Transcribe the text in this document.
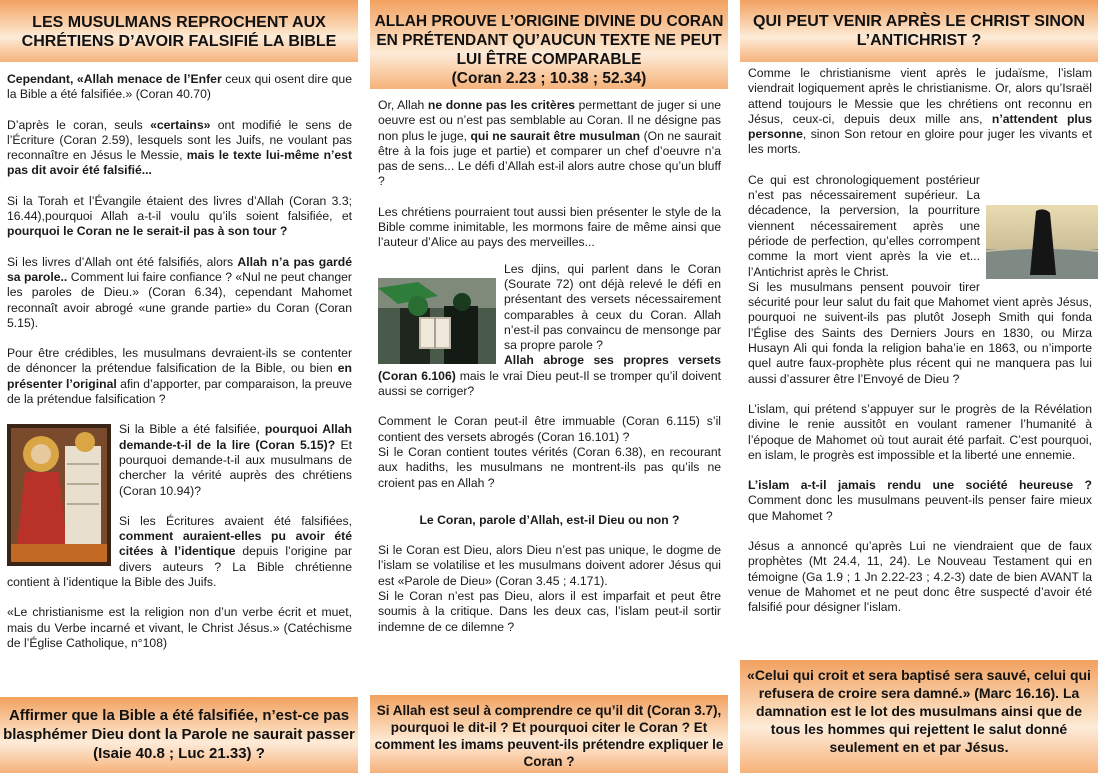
LES MUSULMANS REPROCHENT AUX CHRÉTIENS D’AVOIR FALSIFIÉ LA BIBLE

Cependant, «Allah menace de l’Enfer ceux qui osent dire que la Bible a été falsifiée.» (Coran 40.70)

D’après le coran, seuls «certains» ont modifié le sens de l’Écriture (Coran 2.59), lesquels sont les Juifs, ne voulant pas reconnaître en Jésus le Messie, mais le texte lui-même n’est pas dit avoir été falsifié...

Si la Torah et l’Évangile étaient des livres d’Allah (Coran 3.3; 16.44),pourquoi Allah a-t-il voulu qu’ils soient falsifiée, et pourquoi le Coran ne le serait-il pas à son tour ?

Si les livres d’Allah ont été falsifiés, alors Allah n’a pas gardé sa parole.. Comment lui faire confiance ? «Nul ne peut changer les paroles de Dieu.» (Coran 6.34), cependant Mahomet reconnaît avoir abrogé «une grande partie» du Coran (Coran 5.15).

Pour être crédibles, les musulmans devraient-ils se contenter de dénoncer la prétendue falsification de la Bible, ou bien en présenter l’original afin d’apporter, par comparaison, la preuve de la prétendue falsification ?

Si la Bible a été falsifiée, pourquoi Allah demande-t-il de la lire (Coran 5.15)? Et pourquoi demande-t-il aux musulmans de chercher la vérité auprès des chrétiens (Coran 10.94)?

Si les Écritures avaient été falsifiées, comment auraient-elles pu avoir été citées à l’identique depuis l’origine par divers auteurs ? La Bible chrétienne contient à l’identique la Bible des Juifs.

«Le christianisme est la religion non d’un verbe écrit et muet, mais du Verbe incarné et vivant, le Christ Jésus.» (Catéchisme de l’Église Catholique, n°108)

Affirmer que la Bible a été falsifiée, n’est-ce pas blasphémer Dieu dont la Parole ne saurait passer (Isaie 40.8 ; Luc 21.33) ?
ALLAH PROUVE L’ORIGINE DIVINE DU CORAN EN PRÉTENDANT QU’AUCUN TEXTE NE PEUT LUI ÊTRE COMPARABLE
(Coran 2.23 ; 10.38 ; 52.34)

Or, Allah ne donne pas les critères permettant de juger si une oeuvre est ou n’est pas semblable au Coran. Il ne désigne pas non plus le juge, qui ne saurait être musulman (On ne saurait être à la fois juge et partie) et comparer un chef d’oeuvre n’a pas de sens... Le défi d’Allah est-il alors autre chose qu’un bluff ?

Les chrétiens pourraient tout aussi bien présenter le style de la Bible comme inimitable, les mormons faire de même ainsi que l’auteur d’Alice au pays des merveilles...

Les djins, qui parlent dans le Coran (Sourate 72) ont déjà relevé le défi en présentant des versets nécessairement comparables à ceux du Coran. Allah n’est-il pas convaincu de mensonge par sa propre parole ?
Allah abroge ses propres versets (Coran 6.106) mais le vrai Dieu peut-Il se tromper qu’il doivent aussi se corriger?

Comment le Coran peut-il être immuable (Coran 6.115) s’il contient des versets abrogés (Coran 16.101) ?
Si le Coran contient toutes vérités (Coran 6.38), en recourant aux hadiths, les musulmans ne montrent-ils pas qu’ils ne croient pas en Allah ?

Le Coran, parole d’Allah, est-il Dieu ou non ?

Si le Coran est Dieu, alors Dieu n’est pas unique, le dogme de l’islam se volatilise et les musulmans doivent adorer Jésus qui est «Parole de Dieu» (Coran 3.45 ; 4.171).
Si le Coran n’est pas Dieu, alors il est imparfait et peut être soumis à la critique. Dans les deux cas, l’islam peut-il sortir indemne de ce dilemne ?

Si Allah est seul à comprendre ce qu’il dit (Coran 3.7), pourquoi le dit-il ? Et pourquoi citer le Coran ? Et comment les imams peuvent-ils prétendre expliquer le Coran ?
QUI PEUT VENIR APRÈS LE CHRIST SINON L’ANTICHRIST ?

Comme le christianisme vient après le judaïsme, l’islam viendrait logiquement après le christianisme. Or, alors qu’Israël attend toujours le Messie que les chrétiens ont reconnu en Jésus, ceux-ci, depuis deux mille ans, n’attendent plus personne, sinon Son retour en gloire pour juger les vivants et les morts.

Ce qui est chronologiquement postérieur n’est pas nécessairement supérieur. La décadence, la perversion, la pourriture viennent nécessairement après une période de perfection, qu’elles corrompent comme la mort vient après la vie et... l’Antichrist après le Christ.
Si les musulmans pensent pouvoir tirer sécurité pour leur salut du fait que Mahomet vient après Jésus, pourquoi ne suivent-ils pas plutôt Joseph Smith qui fonda l’Église des Saints des Derniers Jours en 1830, ou Mirza Husayn Ali qui fonda la religion baha’ie en 1863, ou n’importe quel autre faux-prophète plus récent qui ne manquera pas lui aussi d’assurer être l’Envoyé de Dieu ?

L’islam, qui prétend s’appuyer sur le progrès de la Révélation divine le renie aussitôt en voulant ramener l’humanité à l’époque de Mahomet où tout aurait été parfait. C’est pourquoi, en islam, le progrès est impossible et la liberté une ennemie.

L’islam a-t-il jamais rendu une société heureuse ? Comment donc les musulmans peuvent-ils penser faire mieux que Mahomet ?

Jésus a annoncé qu’après Lui ne viendraient que de faux prophètes (Mt 24.4, 11, 24). Le Nouveau Testament qui en témoigne (Ga 1.9 ; 1 Jn 2.22-23 ; 4.2-3) date de bien AVANT la venue de Mahomet et ne peut donc être suspecté d’avoir été falsifié pour désigner l’islam.

«Celui qui croit et sera baptisé sera sauvé, celui qui refusera de croire sera damné.» (Marc 16.16). La damnation est le lot des musulmans ainsi que de tous les hommes qui rejettent le salut donné seulement en et par Jésus.
